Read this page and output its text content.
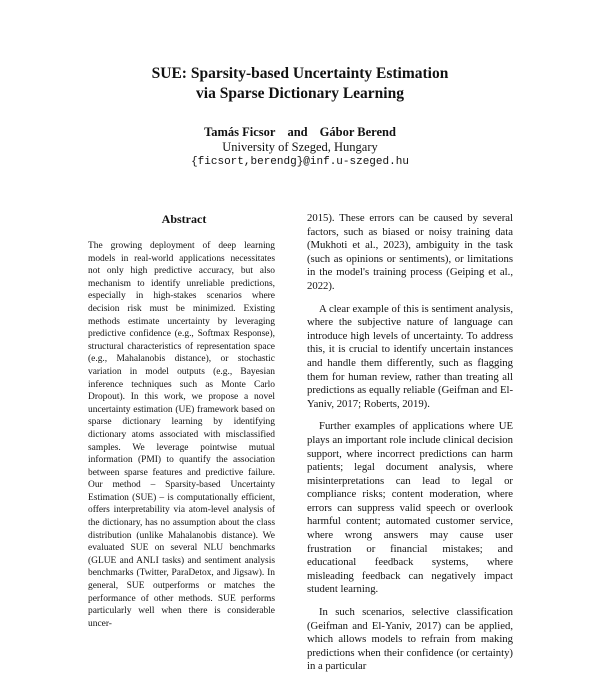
SUE: Sparsity-based Uncertainty Estimation
via Sparse Dictionary Learning
Tamás Ficsor and Gábor Berend
University of Szeged, Hungary
{ficsort,berendg}@inf.u-szeged.hu
Abstract
The growing deployment of deep learning models in real-world applications necessitates not only high predictive accuracy, but also mechanism to identify unreliable predictions, especially in high-stakes scenarios where decision risk must be minimized. Existing methods estimate uncertainty by leveraging predictive confidence (e.g., Softmax Response), structural characteristics of representation space (e.g., Mahalanobis distance), or stochastic variation in model outputs (e.g., Bayesian inference techniques such as Monte Carlo Dropout). In this work, we propose a novel uncertainty estimation (UE) framework based on sparse dictionary learning by identifying dictionary atoms associated with misclassified samples. We leverage pointwise mutual information (PMI) to quantify the association between sparse features and predictive failure. Our method – Sparsity-based Uncertainty Estimation (SUE) – is computationally efficient, offers interpretability via atom-level analysis of the dictionary, has no assumption about the class distribution (unlike Mahalanobis distance). We evaluated SUE on several NLU benchmarks (GLUE and ANLI tasks) and sentiment analysis benchmarks (Twitter, ParaDetox, and Jigsaw). In general, SUE outperforms or matches the performance of other methods. SUE performs particularly well when there is considerable uncer-

2015). These errors can be caused by several factors, such as biased or noisy training data (Mukhoti et al., 2023), ambiguity in the task (such as opinions or sentiments), or limitations in the model's training process (Geiping et al., 2022).

A clear example of this is sentiment analysis, where the subjective nature of language can introduce high levels of uncertainty. To address this, it is crucial to identify uncertain instances and handle them differently, such as flagging them for human review, rather than treating all predictions as equally reliable (Geifman and El-Yaniv, 2017; Roberts, 2019).

Further examples of applications where UE plays an important role include clinical decision support, where incorrect predictions can harm patients; legal document analysis, where misinterpretations can lead to legal or compliance risks; content moderation, where errors can suppress valid speech or overlook harmful content; automated customer service, where wrong answers may cause user frustration or financial mistakes; and educational feedback systems, where misleading feedback can negatively impact student learning.

In such scenarios, selective classification (Geifman and El-Yaniv, 2017) can be applied, which allows models to refrain from making predictions when their confidence (or certainty) in a particular
